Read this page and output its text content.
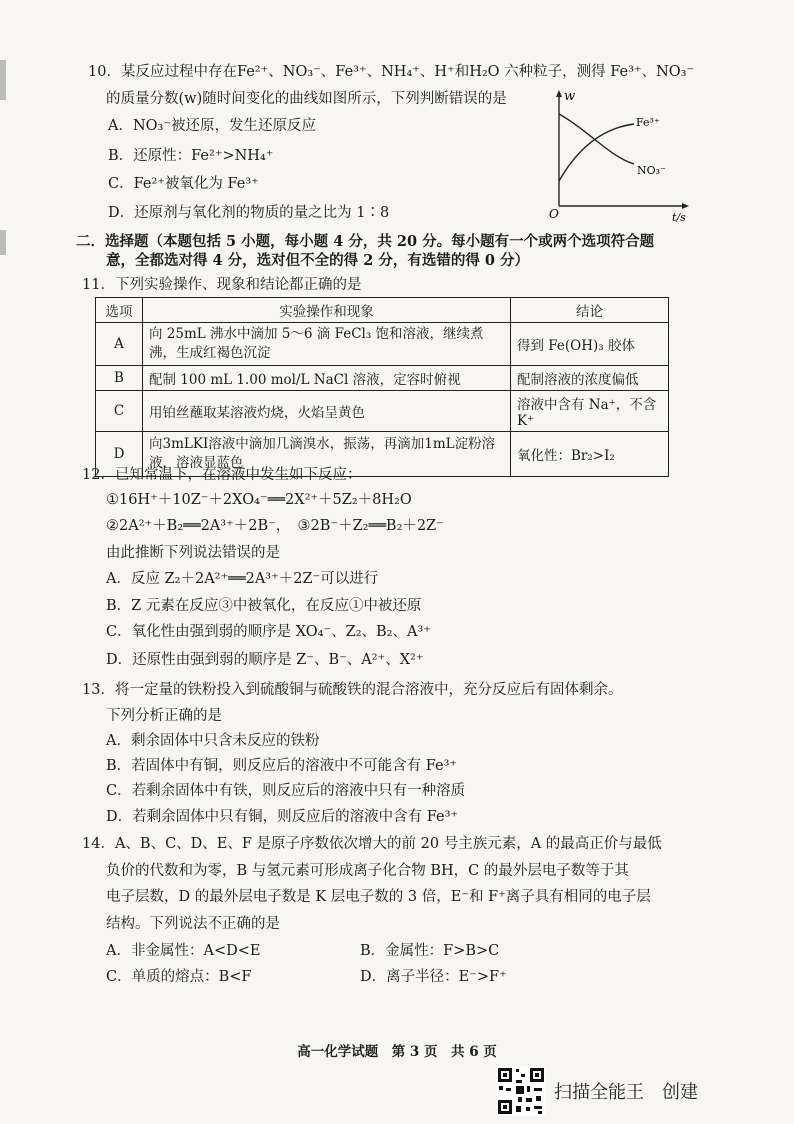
10．某反应过程中存在Fe²⁺、NO₃⁻、Fe³⁺、NH₄⁺、H⁺和H₂O 六种粒子，测得 Fe³⁺、NO₃⁻
的质量分数(w)随时间变化的曲线如图所示，下列判断错误的是
A．NO₃⁻被还原，发生还原反应
B．还原性：Fe²⁺>NH₄⁺
C．Fe²⁺被氧化为 Fe³⁺
D．还原剂与氧化剂的物质的量之比为 1∶8
w
t/s
O
Fe³⁺
NO₃⁻
二．选择题（本题包括 5 小题，每小题 4 分，共 20 分。每小题有一个或两个选项符合题
意，全都选对得 4 分，选对但不全的得 2 分，有选错的得 0 分）
11．下列实验操作、现象和结论都正确的是
选项	实验操作和现象	结论
A	向 25mL 沸水中滴加 5～6 滴 FeCl₃ 饱和溶液，继续煮沸，生成红褐色沉淀	得到 Fe(OH)₃ 胶体
B	配制 100 mL 1.00 mol/L NaCl 溶液，定容时俯视	配制溶液的浓度偏低
C	用铂丝蘸取某溶液灼烧，火焰呈黄色	溶液中含有 Na⁺，不含 K⁺
D	向3mLKI溶液中滴加几滴溴水，振荡，再滴加1mL淀粉溶液，溶液显蓝色	氧化性：Br₂>I₂
12．已知常温下，在溶液中发生如下反应：
①16H⁺＋10Z⁻＋2XO₄⁻══2X²⁺＋5Z₂＋8H₂O
②2A²⁺＋B₂══2A³⁺＋2B⁻，　③2B⁻＋Z₂══B₂＋2Z⁻
由此推断下列说法错误的是
A．反应 Z₂＋2A²⁺══2A³⁺＋2Z⁻可以进行
B．Z 元素在反应③中被氧化，在反应①中被还原
C．氧化性由强到弱的顺序是 XO₄⁻、Z₂、B₂、A³⁺
D．还原性由强到弱的顺序是 Z⁻、B⁻、A²⁺、X²⁺
13．将一定量的铁粉投入到硫酸铜与硫酸铁的混合溶液中，充分反应后有固体剩余。
下列分析正确的是
A．剩余固体中只含未反应的铁粉
B．若固体中有铜，则反应后的溶液中不可能含有 Fe³⁺
C．若剩余固体中有铁，则反应后的溶液中只有一种溶质
D．若剩余固体中只有铜，则反应后的溶液中含有 Fe³⁺
14．A、B、C、D、E、F 是原子序数依次增大的前 20 号主族元素，A 的最高正价与最低
负价的代数和为零，B 与氢元素可形成离子化合物 BH，C 的最外层电子数等于其
电子层数，D 的最外层电子数是 K 层电子数的 3 倍，E⁻和 F⁺离子具有相同的电子层
结构。下列说法不正确的是
A．非金属性：A<D<E	B．金属性：F>B>C
C．单质的熔点：B<F	D．离子半径：E⁻>F⁺
高一化学试题　第 3 页　共 6 页
扫描全能王　创建
